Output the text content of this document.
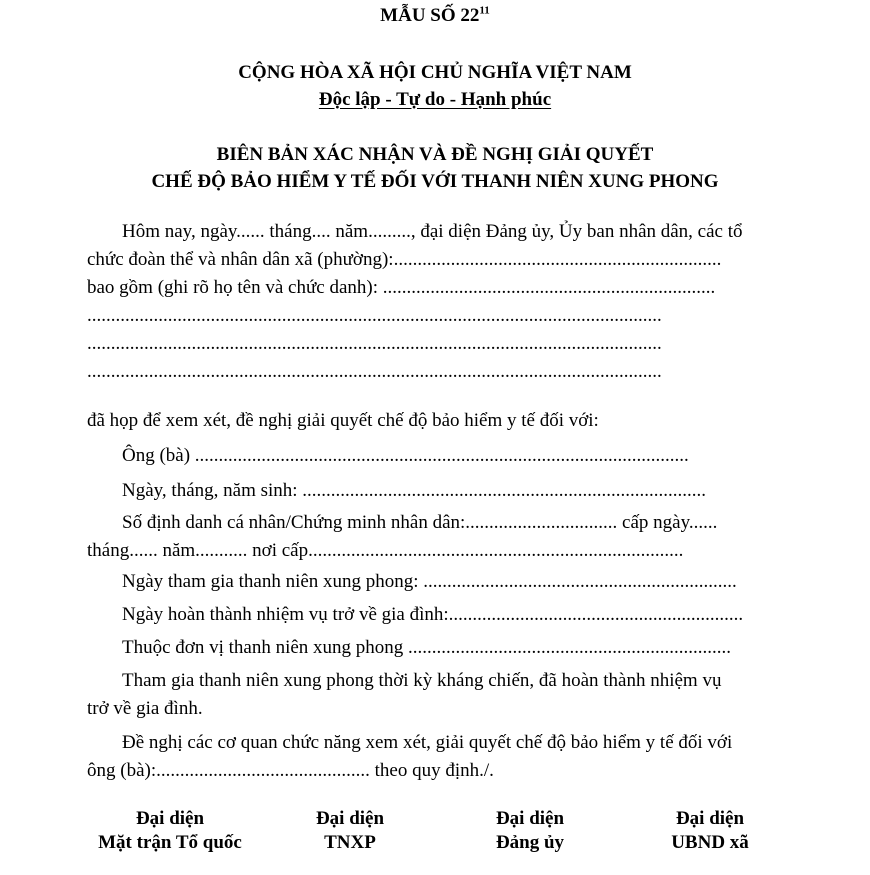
MẪU SỐ $22^{11}$
CỘNG HÒA XÃ HỘI CHỦ NGHĨA VIỆT NAM
Độc lập - Tự do - Hạnh phúc
BIÊN BẢN XÁC NHẬN VÀ ĐỀ NGHỊ GIẢI QUYẾT
CHẾ ĐỘ BẢO HIỂM Y TẾ ĐỐI VỚI THANH NIÊN XUNG PHONG
Hôm nay, ngày...... tháng.... năm........., đại diện Đảng ủy, Ủy ban nhân dân, các tổ
chức đoàn thể và nhân dân xã (phường):.....................................................................
bao gồm (ghi rõ họ tên và chức danh): ......................................................................
.........................................................................................................................
.........................................................................................................................
.........................................................................................................................
đã họp để xem xét, đề nghị giải quyết chế độ bảo hiểm y tế đối với:
Ông (bà) ........................................................................................................
Ngày, tháng, năm sinh: .....................................................................................
Số định danh cá nhân/Chứng minh nhân dân:................................ cấp ngày......
tháng...... năm........... nơi cấp...............................................................................
Ngày tham gia thanh niên xung phong: ..................................................................
Ngày hoàn thành nhiệm vụ trở về gia đình:..............................................................
Thuộc đơn vị thanh niên xung phong ....................................................................
Tham gia thanh niên xung phong thời kỳ kháng chiến, đã hoàn thành nhiệm vụ
trở về gia đình.
Đề nghị các cơ quan chức năng xem xét, giải quyết chế độ bảo hiểm y tế đối với
ông (bà):............................................. theo quy định./.
Đại diện
Mặt trận Tổ quốc
Đại diện
TNXP
Đại diện
Đảng ủy
Đại diện
UBND xã
